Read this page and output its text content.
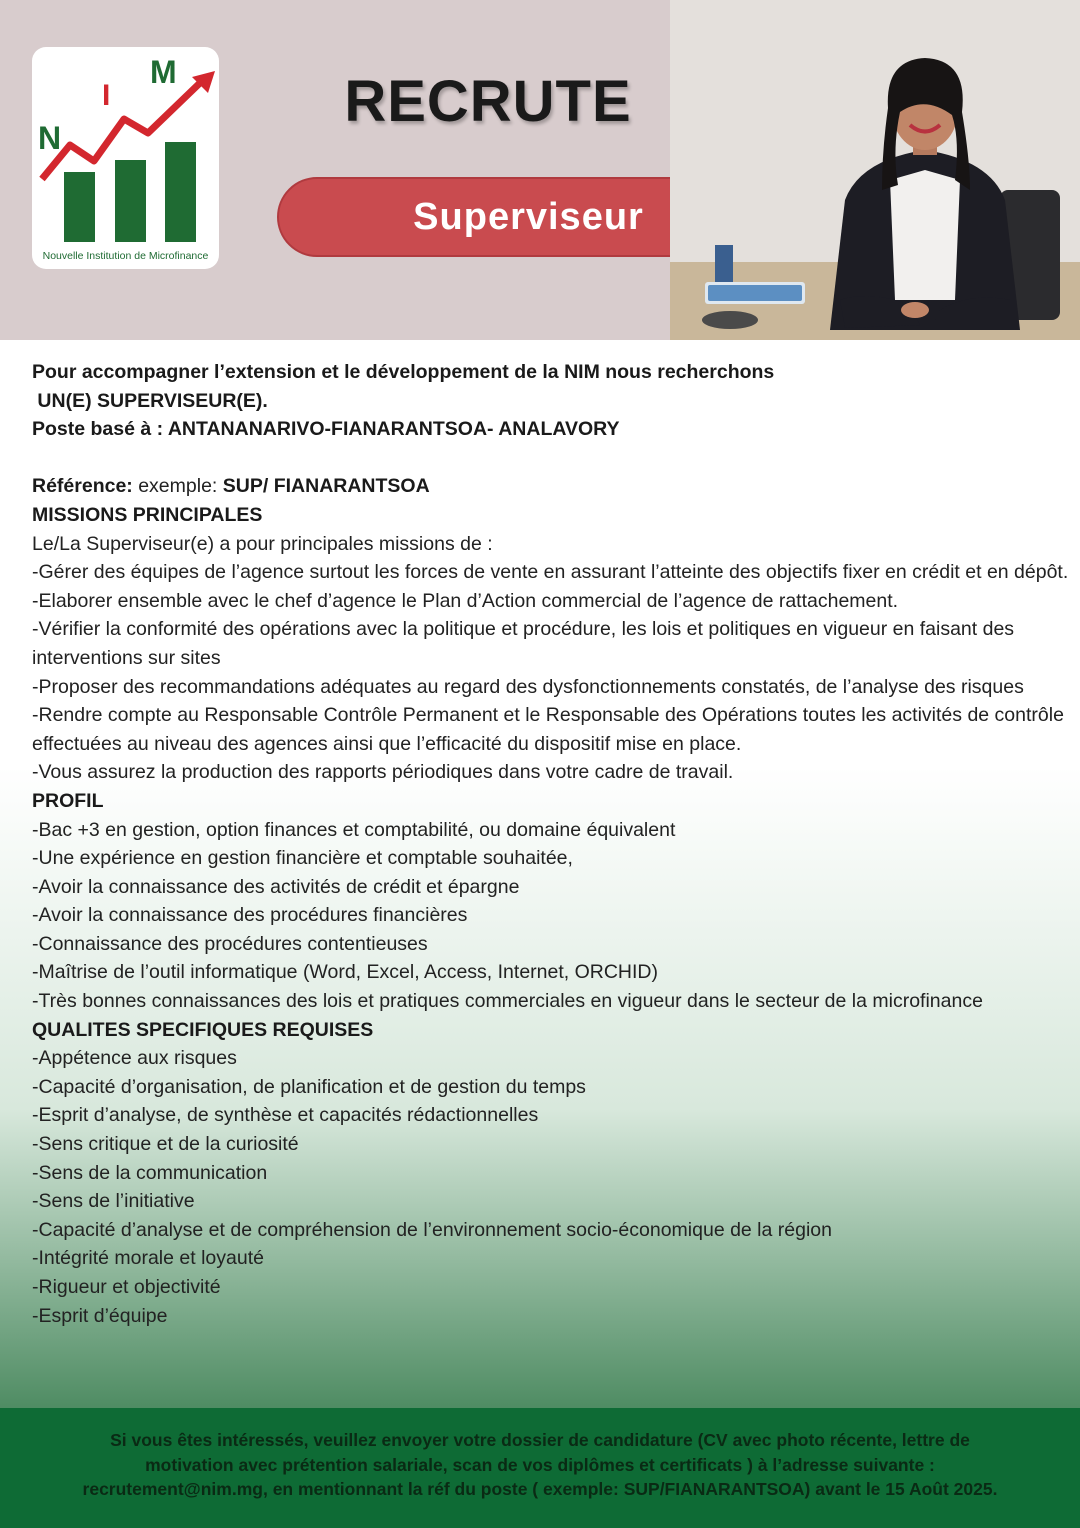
N
I
M
Nouvelle Institution de Microfinance
RECRUTE
Superviseur
Pour accompagner l’extension et le développement de la NIM nous recherchons
UN(E) SUPERVISEUR(E).
Poste basé à : ANTANANARIVO-FIANARANTSOA- ANALAVORY
Référence: exemple: SUP/ FIANARANTSOA
MISSIONS PRINCIPALES
Le/La Superviseur(e) a pour principales missions de :
-Gérer des équipes de l’agence surtout les forces de vente en assurant l’atteinte des objectifs fixer en crédit et en dépôt.
-Elaborer ensemble avec le chef d’agence le Plan d’Action commercial de l’agence de rattachement.
-Vérifier la conformité des opérations avec la politique et procédure, les lois et politiques en vigueur en faisant des interventions sur sites
-Proposer des recommandations adéquates au regard des dysfonctionnements constatés, de l’analyse des risques
-Rendre compte au Responsable Contrôle Permanent et le Responsable des Opérations toutes les activités de contrôle effectuées au niveau des agences ainsi que l’efficacité du dispositif mise en place.
-Vous assurez la production des rapports périodiques dans votre cadre de travail.
PROFIL
-Bac +3 en gestion, option finances et comptabilité, ou domaine équivalent
-Une expérience en gestion financière et comptable souhaitée,
-Avoir la connaissance des activités de crédit et épargne
-Avoir la connaissance des procédures financières
-Connaissance des procédures contentieuses
-Maîtrise de l’outil informatique (Word, Excel, Access, Internet, ORCHID)
-Très bonnes connaissances des lois et pratiques commerciales en vigueur dans le secteur de la microfinance
QUALITES SPECIFIQUES REQUISES
-Appétence aux risques
-Capacité d’organisation, de planification et de gestion du temps
-Esprit d’analyse, de synthèse et capacités rédactionnelles
-Sens critique et de la curiosité
-Sens de la communication
-Sens de l’initiative
-Capacité d’analyse et de compréhension de l’environnement socio-économique de la région
-Intégrité morale et loyauté
-Rigueur et objectivité
-Esprit d’équipe
Si vous êtes intéressés, veuillez envoyer votre dossier de candidature (CV avec photo récente, lettre de
motivation avec prétention salariale, scan de vos diplômes et certificats ) à l’adresse suivante :
recrutement@nim.mg, en mentionnant la réf du poste ( exemple: SUP/FIANARANTSOA) avant le 15 Août 2025.
